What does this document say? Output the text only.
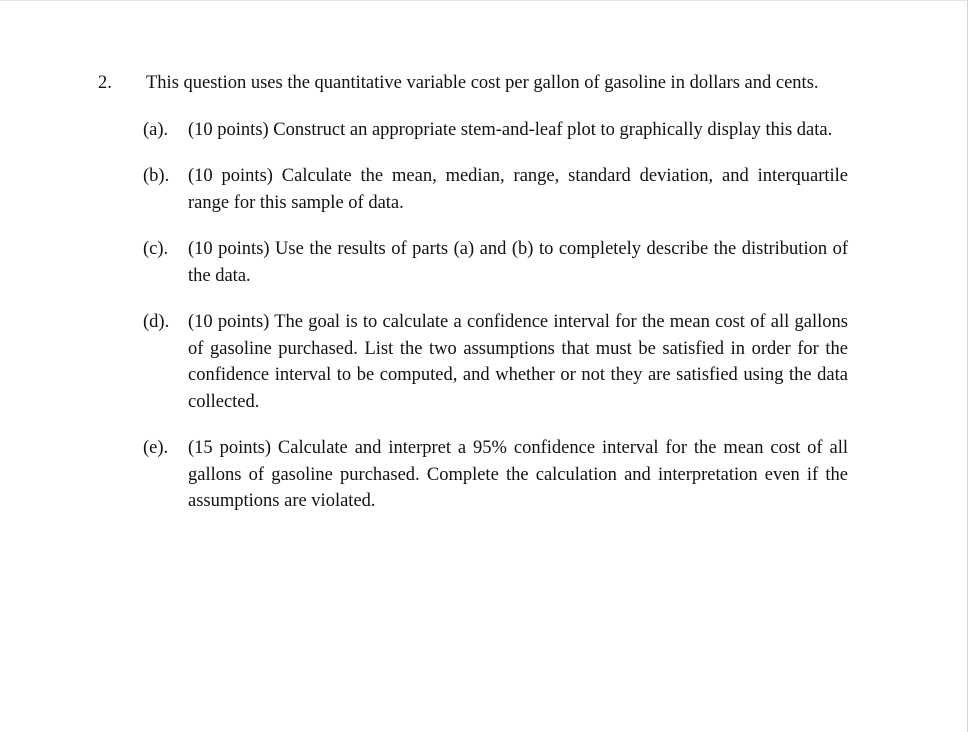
2. This question uses the quantitative variable cost per gallon of gasoline in dollars and cents.

(a). (10 points) Construct an appropriate stem-and-leaf plot to graphically display this data.
(b). (10 points) Calculate the mean, median, range, standard deviation, and interquartile range for this sample of data.
(c). (10 points) Use the results of parts (a) and (b) to completely describe the distribution of the data.
(d). (10 points) The goal is to calculate a confidence interval for the mean cost of all gallons of gasoline purchased. List the two assumptions that must be satisfied in order for the confidence interval to be computed, and whether or not they are satisfied using the data collected.
(e). (15 points) Calculate and interpret a 95% confidence interval for the mean cost of all gallons of gasoline purchased. Complete the calculation and interpretation even if the assumptions are violated.
